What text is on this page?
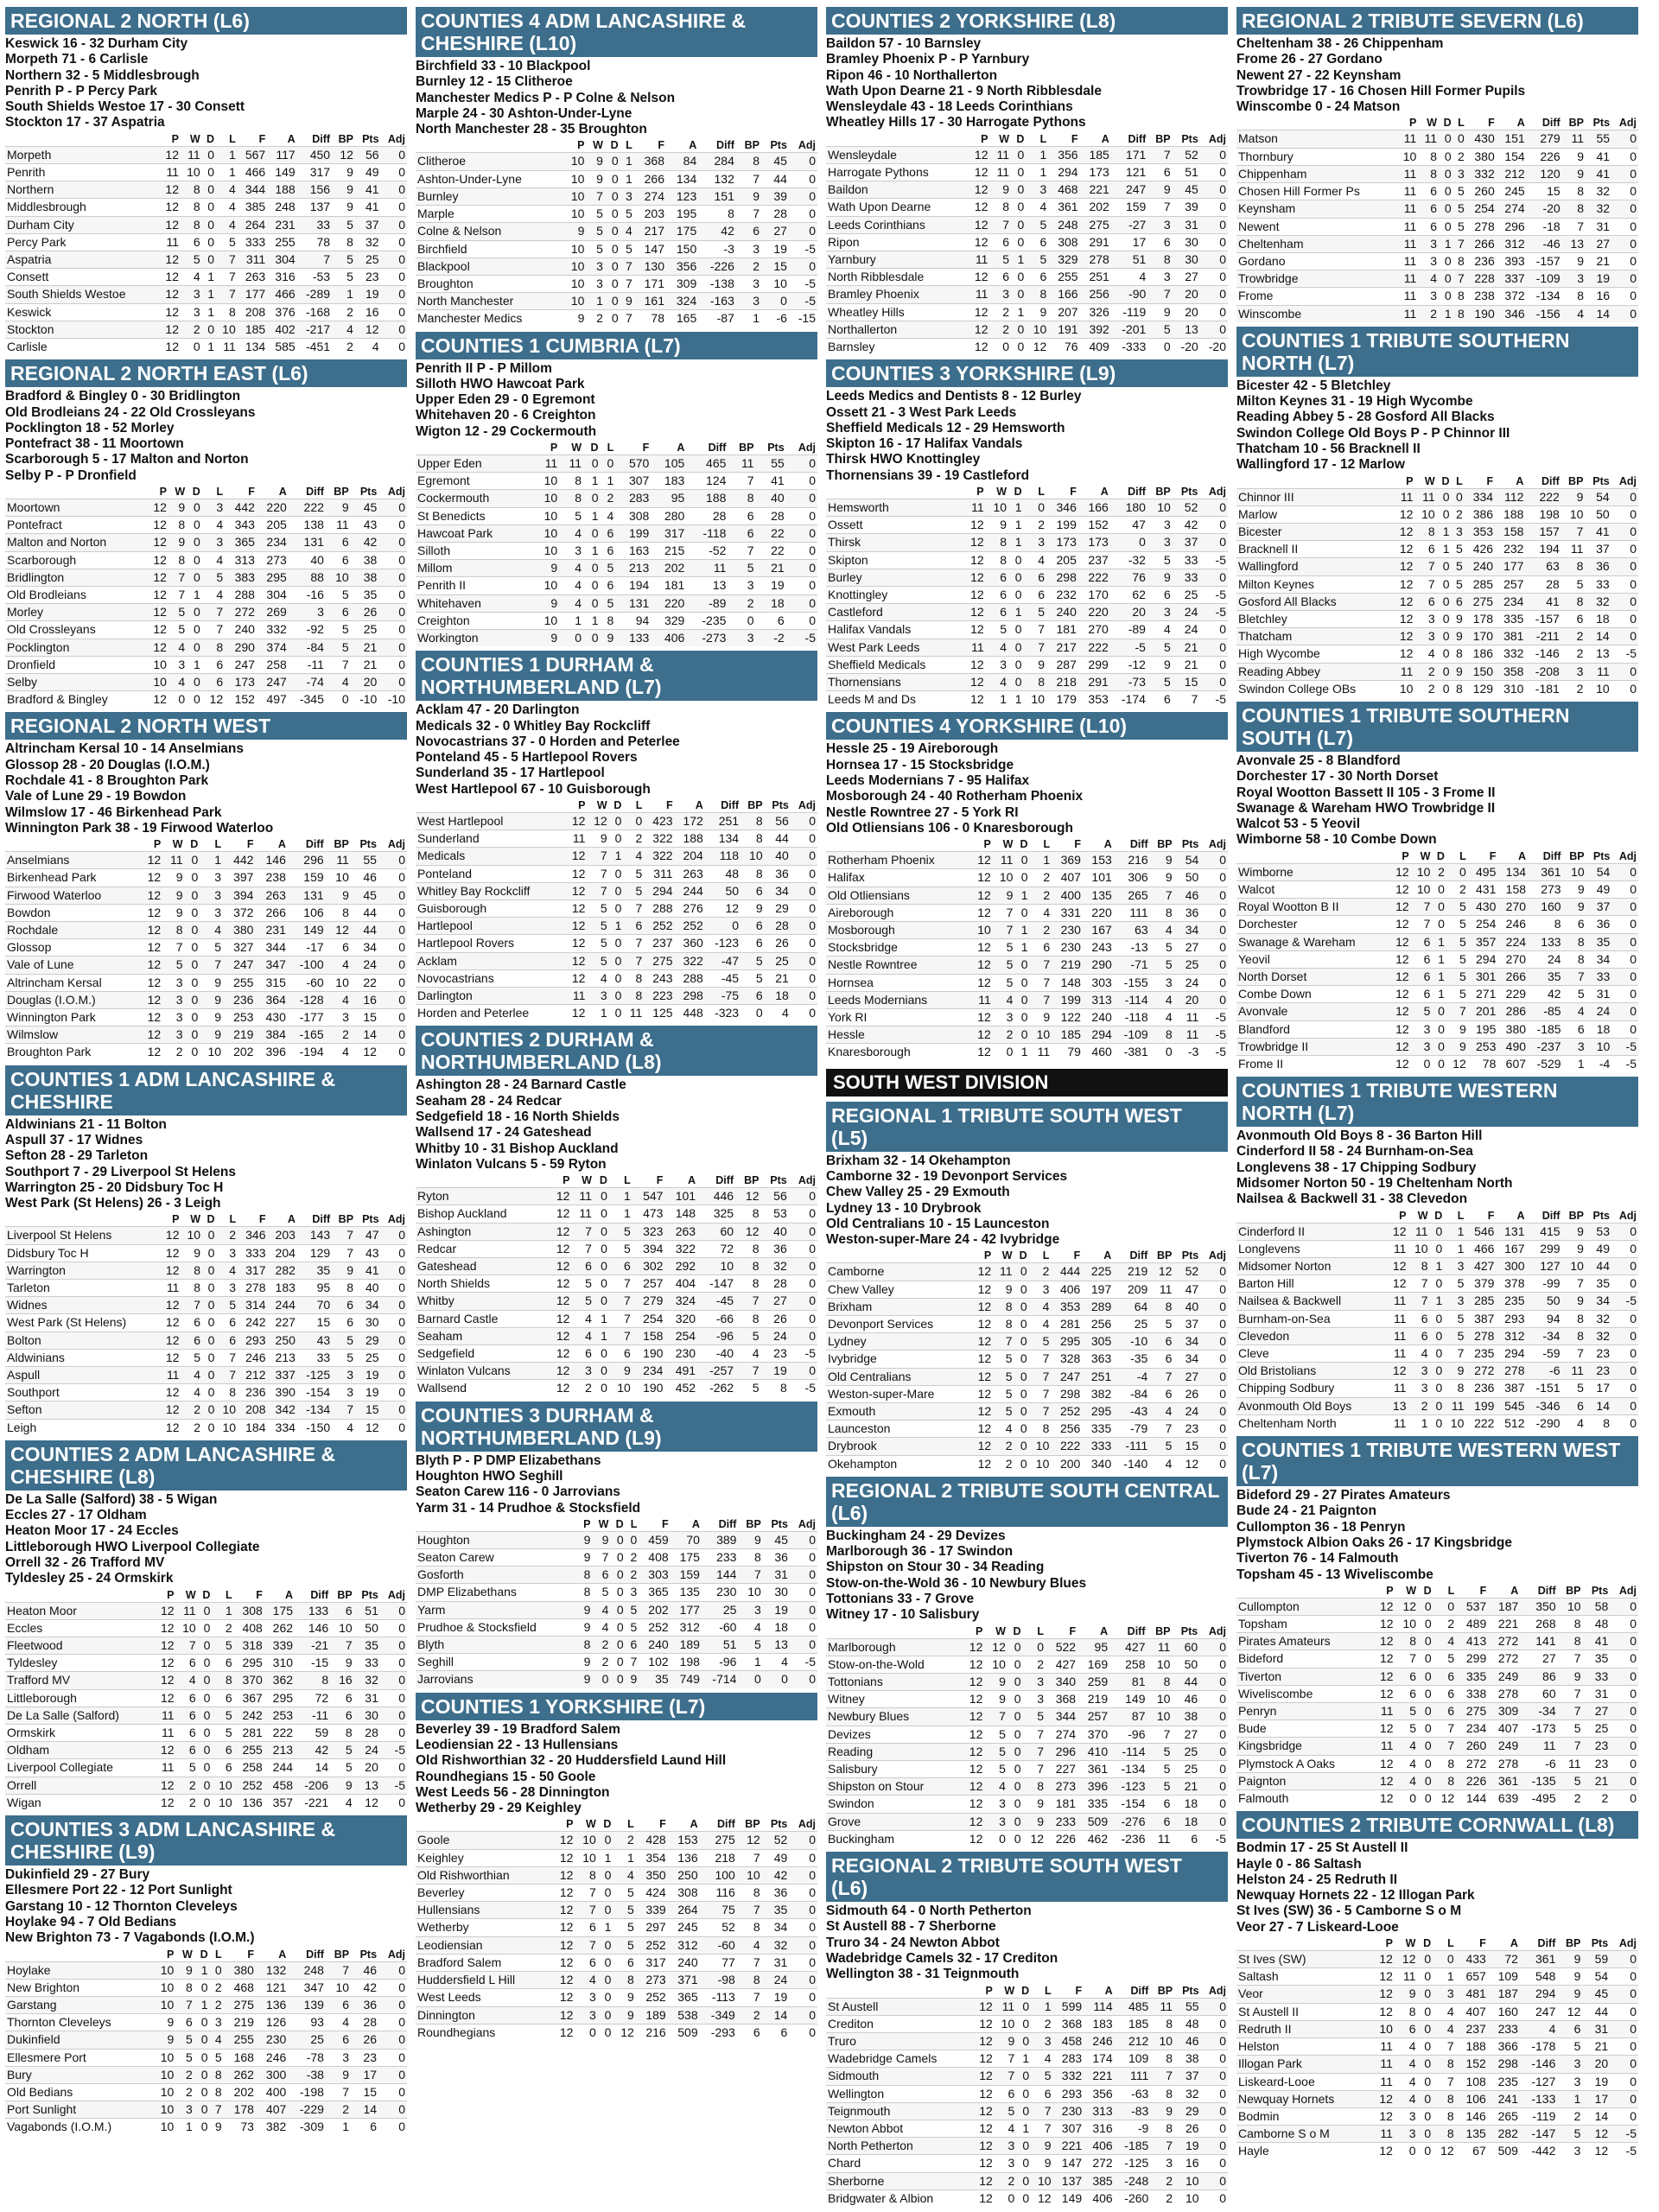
REGIONAL 2 NORTH (L6)
Keswick 16 - 32 Durham City
Morpeth 71 - 6 Carlisle
Northern 32 - 5 Middlesbrough
Penrith P - P Percy Park
South Shields Westoe 17 - 30 Consett
Stockton 17 - 37 Aspatria
	P	W	D	L	F	A	Diff	BP	Pts	Adj
Morpeth	12	11	0	1	567	117	450	12	56	0
Penrith	11	10	0	1	466	149	317	9	49	0
Northern	12	8	0	4	344	188	156	9	41	0
Middlesbrough	12	8	0	4	385	248	137	9	41	0
Durham City	12	8	0	4	264	231	33	5	37	0
Percy Park	11	6	0	5	333	255	78	8	32	0
Aspatria	12	5	0	7	311	304	7	5	25	0
Consett	12	4	1	7	263	316	-53	5	23	0
South Shields Westoe	12	3	1	7	177	466	-289	1	19	0
Keswick	12	3	1	8	208	376	-168	2	16	0
Stockton	12	2	0	10	185	402	-217	4	12	0
Carlisle	12	0	1	11	134	585	-451	2	4	0
REGIONAL 2 NORTH EAST (L6)
Bradford & Bingley 0 - 30 Bridlington
Old Brodleians 24 - 22 Old Crossleyans
Pocklington 18 - 52 Morley
Pontefract 38 - 11 Moortown
Scarborough 5 - 17 Malton and Norton
Selby P - P Dronfield
	P	W	D	L	F	A	Diff	BP	Pts	Adj
Moortown	12	9	0	3	442	220	222	9	45	0
Pontefract	12	8	0	4	343	205	138	11	43	0
Malton and Norton	12	9	0	3	365	234	131	6	42	0
Scarborough	12	8	0	4	313	273	40	6	38	0
Bridlington	12	7	0	5	383	295	88	10	38	0
Old Brodleians	12	7	1	4	288	304	-16	5	35	0
Morley	12	5	0	7	272	269	3	6	26	0
Old Crossleyans	12	5	0	7	240	332	-92	5	25	0
Pocklington	12	4	0	8	290	374	-84	5	21	0
Dronfield	10	3	1	6	247	258	-11	7	21	0
Selby	10	4	0	6	173	247	-74	4	20	0
Bradford & Bingley	12	0	0	12	152	497	-345	0	-10	-10
REGIONAL 2 NORTH WEST
Altrincham Kersal 10 - 14 Anselmians
Glossop 28 - 20 Douglas (I.O.M.)
Rochdale 41 - 8 Broughton Park
Vale of Lune 29 - 19 Bowdon
Wilmslow 17 - 46 Birkenhead Park
Winnington Park 38 - 19 Firwood Waterloo
	P	W	D	L	F	A	Diff	BP	Pts	Adj
Anselmians	12	11	0	1	442	146	296	11	55	0
Birkenhead Park	12	9	0	3	397	238	159	10	46	0
Firwood Waterloo	12	9	0	3	394	263	131	9	45	0
Bowdon	12	9	0	3	372	266	106	8	44	0
Rochdale	12	8	0	4	380	231	149	12	44	0
Glossop	12	7	0	5	327	344	-17	6	34	0
Vale of Lune	12	5	0	7	247	347	-100	4	24	0
Altrincham Kersal	12	3	0	9	255	315	-60	10	22	0
Douglas (I.O.M.)	12	3	0	9	236	364	-128	4	16	0
Winnington Park	12	3	0	9	253	430	-177	3	15	0
Wilmslow	12	3	0	9	219	384	-165	2	14	0
Broughton Park	12	2	0	10	202	396	-194	4	12	0
COUNTIES 1 ADM LANCASHIRE & CHESHIRE
Aldwinians 21 - 11 Bolton
Aspull 37 - 17 Widnes
Sefton 28 - 29 Tarleton
Southport 7 - 29 Liverpool St Helens
Warrington 25 - 20 Didsbury Toc H
West Park (St Helens) 26 - 3 Leigh
	P	W	D	L	F	A	Diff	BP	Pts	Adj
Liverpool St Helens	12	10	0	2	346	203	143	7	47	0
Didsbury Toc H	12	9	0	3	333	204	129	7	43	0
Warrington	12	8	0	4	317	282	35	9	41	0
Tarleton	11	8	0	3	278	183	95	8	40	0
Widnes	12	7	0	5	314	244	70	6	34	0
West Park (St Helens)	12	6	0	6	242	227	15	6	30	0
Bolton	12	6	0	6	293	250	43	5	29	0
Aldwinians	12	5	0	7	246	213	33	5	25	0
Aspull	11	4	0	7	212	337	-125	3	19	0
Southport	12	4	0	8	236	390	-154	3	19	0
Sefton	12	2	0	10	208	342	-134	7	15	0
Leigh	12	2	0	10	184	334	-150	4	12	0
COUNTIES 2 ADM LANCASHIRE & CHESHIRE (L8)
De La Salle (Salford) 38 - 5 Wigan
Eccles 27 - 17 Oldham
Heaton Moor 17 - 24 Eccles
Littleborough HWO Liverpool Collegiate
Orrell 32 - 26 Trafford MV
Tyldesley 25 - 24 Ormskirk
	P	W	D	L	F	A	Diff	BP	Pts	Adj
Heaton Moor	12	11	0	1	308	175	133	6	51	0
Eccles	12	10	0	2	408	262	146	10	50	0
Fleetwood	12	7	0	5	318	339	-21	7	35	0
Tyldesley	12	6	0	6	295	310	-15	9	33	0
Trafford MV	12	4	0	8	370	362	8	16	32	0
Littleborough	12	6	0	6	367	295	72	6	31	0
De La Salle (Salford)	11	6	0	5	242	253	-11	6	30	0
Ormskirk	11	6	0	5	281	222	59	8	28	0
Oldham	12	6	0	6	255	213	42	5	24	-5
Liverpool Collegiate	11	5	0	6	258	244	14	5	20	0
Orrell	12	2	0	10	252	458	-206	9	13	-5
Wigan	12	2	0	10	136	357	-221	4	12	0
COUNTIES 3 ADM LANCASHIRE & CHESHIRE (L9)
Dukinfield 29 - 27 Bury
Ellesmere Port 22 - 12 Port Sunlight
Garstang 10 - 12 Thornton Cleveleys
Hoylake 94 - 7 Old Bedians
New Brighton 73 - 7 Vagabonds (I.O.M.)
	P	W	D	L	F	A	Diff	BP	Pts	Adj
Hoylake	10	9	1	0	380	132	248	7	46	0
New Brighton	10	8	0	2	468	121	347	10	42	0
Garstang	10	7	1	2	275	136	139	6	36	0
Thornton Cleveleys	9	6	0	3	219	126	93	4	28	0
Dukinfield	9	5	0	4	255	230	25	6	26	0
Ellesmere Port	10	5	0	5	168	246	-78	3	23	0
Bury	10	2	0	8	262	300	-38	9	17	0
Old Bedians	10	2	0	8	202	400	-198	7	15	0
Port Sunlight	10	3	0	7	178	407	-229	2	14	0
Vagabonds (I.O.M.)	10	1	0	9	73	382	-309	1	6	0
COUNTIES 4 ADM LANCASHIRE & CHESHIRE (L10)
Birchfield 33 - 10 Blackpool
Burnley 12 - 15 Clitheroe
Manchester Medics P - P Colne & Nelson
Marple 24 - 30 Ashton-Under-Lyne
North Manchester 28 - 35 Broughton
	P	W	D	L	F	A	Diff	BP	Pts	Adj
Clitheroe	10	9	0	1	368	84	284	8	45	0
Ashton-Under-Lyne	10	9	0	1	266	134	132	7	44	0
Burnley	10	7	0	3	274	123	151	9	39	0
Marple	10	5	0	5	203	195	8	7	28	0
Colne & Nelson	9	5	0	4	217	175	42	6	27	0
Birchfield	10	5	0	5	147	150	-3	3	19	-5
Blackpool	10	3	0	7	130	356	-226	2	15	0
Broughton	10	3	0	7	171	309	-138	3	10	-5
North Manchester	10	1	0	9	161	324	-163	3	0	-5
Manchester Medics	9	2	0	7	78	165	-87	1	-6	-15
COUNTIES 1 CUMBRIA (L7)
Penrith II P - P Millom
Silloth HWO Hawcoat Park
Upper Eden 29 - 0 Egremont
Whitehaven 20 - 6 Creighton
Wigton 12 - 29 Cockermouth
	P	W	D	L	F	A	Diff	BP	Pts	Adj
Upper Eden	11	11	0	0	570	105	465	11	55	0
Egremont	10	8	1	1	307	183	124	7	41	0
Cockermouth	10	8	0	2	283	95	188	8	40	0
St Benedicts	10	5	1	4	308	280	28	6	28	0
Hawcoat Park	10	4	0	6	199	317	-118	6	22	0
Silloth	10	3	1	6	163	215	-52	7	22	0
Millom	9	4	0	5	213	202	11	5	21	0
Penrith II	10	4	0	6	194	181	13	3	19	0
Whitehaven	9	4	0	5	131	220	-89	2	18	0
Creighton	10	1	1	8	94	329	-235	0	6	0
Workington	9	0	0	9	133	406	-273	3	-2	-5
COUNTIES 1 DURHAM & NORTHUMBERLAND (L7)
Acklam 47 - 20 Darlington
Medicals 32 - 0 Whitley Bay Rockcliff
Novocastrians 37 - 0 Horden and Peterlee
Ponteland 45 - 5 Hartlepool Rovers
Sunderland 35 - 17 Hartlepool
West Hartlepool 67 - 10 Guisborough
	P	W	D	L	F	A	Diff	BP	Pts	Adj
West Hartlepool	12	12	0	0	423	172	251	8	56	0
Sunderland	11	9	0	2	322	188	134	8	44	0
Medicals	12	7	1	4	322	204	118	10	40	0
Ponteland	12	7	0	5	311	263	48	8	36	0
Whitley Bay Rockcliff	12	7	0	5	294	244	50	6	34	0
Guisborough	12	5	0	7	288	276	12	9	29	0
Hartlepool	12	5	1	6	252	252	0	6	28	0
Hartlepool Rovers	12	5	0	7	237	360	-123	6	26	0
Acklam	12	5	0	7	275	322	-47	5	25	0
Novocastrians	12	4	0	8	243	288	-45	5	21	0
Darlington	11	3	0	8	223	298	-75	6	18	0
Horden and Peterlee	12	1	0	11	125	448	-323	0	4	0
COUNTIES 2 DURHAM & NORTHUMBERLAND (L8)
Ashington 28 - 24 Barnard Castle
Seaham 28 - 24 Redcar
Sedgefield 18 - 16 North Shields
Wallsend 17 - 24 Gateshead
Whitby 10 - 31 Bishop Auckland
Winlaton Vulcans 5 - 59 Ryton
	P	W	D	L	F	A	Diff	BP	Pts	Adj
Ryton	12	11	0	1	547	101	446	12	56	0
Bishop Auckland	12	11	0	1	473	148	325	8	53	0
Ashington	12	7	0	5	323	263	60	12	40	0
Redcar	12	7	0	5	394	322	72	8	36	0
Gateshead	12	6	0	6	302	292	10	8	32	0
North Shields	12	5	0	7	257	404	-147	8	28	0
Whitby	12	5	0	7	279	324	-45	7	27	0
Barnard Castle	12	4	1	7	254	320	-66	8	26	0
Seaham	12	4	1	7	158	254	-96	5	24	0
Sedgefield	12	6	0	6	190	230	-40	4	23	-5
Winlaton Vulcans	12	3	0	9	234	491	-257	7	19	0
Wallsend	12	2	0	10	190	452	-262	5	8	-5
COUNTIES 3 DURHAM & NORTHUMBERLAND (L9)
Blyth P - P DMP Elizabethans
Houghton HWO Seghill
Seaton Carew 116 - 0 Jarrovians
Yarm 31 - 14 Prudhoe & Stocksfield
	P	W	D	L	F	A	Diff	BP	Pts	Adj
Houghton	9	9	0	0	459	70	389	9	45	0
Seaton Carew	9	7	0	2	408	175	233	8	36	0
Gosforth	8	6	0	2	303	159	144	7	31	0
DMP Elizabethans	8	5	0	3	365	135	230	10	30	0
Yarm	9	4	0	5	202	177	25	3	19	0
Prudhoe & Stocksfield	9	4	0	5	252	312	-60	4	18	0
Blyth	8	2	0	6	240	189	51	5	13	0
Seghill	9	2	0	7	102	198	-96	1	4	-5
Jarrovians	9	0	0	9	35	749	-714	0	0	0
COUNTIES 1 YORKSHIRE (L7)
Beverley 39 - 19 Bradford Salem
Leodiensian 22 - 13 Hullensians
Old Rishworthian 32 - 20 Huddersfield Laund Hill
Roundhegians 15 - 50 Goole
West Leeds 56 - 28 Dinnington
Wetherby 29 - 29 Keighley
	P	W	D	L	F	A	Diff	BP	Pts	Adj
Goole	12	10	0	2	428	153	275	12	52	0
Keighley	12	10	1	1	354	136	218	7	49	0
Old Rishworthian	12	8	0	4	350	250	100	10	42	0
Beverley	12	7	0	5	424	308	116	8	36	0
Hullensians	12	7	0	5	339	264	75	7	35	0
Wetherby	12	6	1	5	297	245	52	8	34	0
Leodiensian	12	7	0	5	252	312	-60	4	32	0
Bradford Salem	12	6	0	6	317	240	77	7	31	0
Huddersfield L Hill	12	4	0	8	273	371	-98	8	24	0
West Leeds	12	3	0	9	252	365	-113	7	19	0
Dinnington	12	3	0	9	189	538	-349	2	14	0
Roundhegians	12	0	0	12	216	509	-293	6	6	0
COUNTIES 2 YORKSHIRE (L8)
Baildon 57 - 10 Barnsley
Bramley Phoenix P - P Yarnbury
Ripon 46 - 10 Northallerton
Wath Upon Dearne 21 - 9 North Ribblesdale
Wensleydale 43 - 18 Leeds Corinthians
Wheatley Hills 17 - 30 Harrogate Pythons
	P	W	D	L	F	A	Diff	BP	Pts	Adj
Wensleydale	12	11	0	1	356	185	171	7	52	0
Harrogate Pythons	12	11	0	1	294	173	121	6	51	0
Baildon	12	9	0	3	468	221	247	9	45	0
Wath Upon Dearne	12	8	0	4	361	202	159	7	39	0
Leeds Corinthians	12	7	0	5	248	275	-27	3	31	0
Ripon	12	6	0	6	308	291	17	6	30	0
Yarnbury	11	5	1	5	329	278	51	8	30	0
North Ribblesdale	12	6	0	6	255	251	4	3	27	0
Bramley Phoenix	11	3	0	8	166	256	-90	7	20	0
Wheatley Hills	12	2	1	9	207	326	-119	9	20	0
Northallerton	12	2	0	10	191	392	-201	5	13	0
Barnsley	12	0	0	12	76	409	-333	0	-20	-20
COUNTIES 3 YORKSHIRE (L9)
Leeds Medics and Dentists 8 - 12 Burley
Ossett 21 - 3 West Park Leeds
Sheffield Medicals 12 - 29 Hemsworth
Skipton 16 - 17 Halifax Vandals
Thirsk HWO Knottingley
Thornensians 39 - 19 Castleford
	P	W	D	L	F	A	Diff	BP	Pts	Adj
Hemsworth	11	10	1	0	346	166	180	10	52	0
Ossett	12	9	1	2	199	152	47	3	42	0
Thirsk	12	8	1	3	173	173	0	3	37	0
Skipton	12	8	0	4	205	237	-32	5	33	-5
Burley	12	6	0	6	298	222	76	9	33	0
Knottingley	12	6	0	6	232	170	62	6	25	-5
Castleford	12	6	1	5	240	220	20	3	24	-5
Halifax Vandals	12	5	0	7	181	270	-89	4	24	0
West Park Leeds	11	4	0	7	217	222	-5	5	21	0
Sheffield Medicals	12	3	0	9	287	299	-12	9	21	0
Thornensians	12	4	0	8	218	291	-73	5	15	0
Leeds M and Ds	12	1	1	10	179	353	-174	6	7	-5
COUNTIES 4 YORKSHIRE (L10)
Hessle 25 - 19 Aireborough
Hornsea 17 - 15 Stocksbridge
Leeds Modernians 7 - 95 Halifax
Mosborough 24 - 40 Rotherham Phoenix
Nestle Rowntree 27 - 5 York RI
Old Otliensians 106 - 0 Knaresborough
	P	W	D	L	F	A	Diff	BP	Pts	Adj
Rotherham Phoenix	12	11	0	1	369	153	216	9	54	0
Halifax	12	10	0	2	407	101	306	9	50	0
Old Otliensians	12	9	1	2	400	135	265	7	46	0
Aireborough	12	7	0	4	331	220	111	8	36	0
Mosborough	10	7	1	2	230	167	63	4	34	0
Stocksbridge	12	5	1	6	230	243	-13	5	27	0
Nestle Rowntree	12	5	0	7	219	290	-71	5	25	0
Hornsea	12	5	0	7	148	303	-155	3	24	0
Leeds Modernians	11	4	0	7	199	313	-114	4	20	0
York RI	12	3	0	9	122	240	-118	4	11	-5
Hessle	12	2	0	10	185	294	-109	8	11	-5
Knaresborough	12	0	1	11	79	460	-381	0	-3	-5
SOUTH WEST DIVISION
REGIONAL 1 TRIBUTE SOUTH WEST (L5)
Brixham 32 - 14 Okehampton
Camborne 32 - 19 Devonport Services
Chew Valley 25 - 29 Exmouth
Lydney 13 - 10 Drybrook
Old Centralians 10 - 15 Launceston
Weston-super-Mare 24 - 42 Ivybridge
	P	W	D	L	F	A	Diff	BP	Pts	Adj
Camborne	12	11	0	2	444	225	219	12	52	0
Chew Valley	12	9	0	3	406	197	209	11	47	0
Brixham	12	8	0	4	353	289	64	8	40	0
Devonport Services	12	8	0	4	281	256	25	5	37	0
Lydney	12	7	0	5	295	305	-10	6	34	0
Ivybridge	12	5	0	7	328	363	-35	6	34	0
Old Centralians	12	5	0	7	247	251	-4	7	27	0
Weston-super-Mare	12	5	0	7	298	382	-84	6	26	0
Exmouth	12	5	0	7	252	295	-43	4	24	0
Launceston	12	4	0	8	256	335	-79	7	23	0
Drybrook	12	2	0	10	222	333	-111	5	15	0
Okehampton	12	2	0	10	200	340	-140	4	12	0
REGIONAL 2 TRIBUTE SOUTH CENTRAL (L6)
Buckingham 24 - 29 Devizes
Marlborough 36 - 17 Swindon
Shipston on Stour 30 - 34 Reading
Stow-on-the-Wold 36 - 10 Newbury Blues
Tottonians 33 - 7 Grove
Witney 17 - 10 Salisbury
	P	W	D	L	F	A	Diff	BP	Pts	Adj
Marlborough	12	12	0	0	522	95	427	11	60	0
Stow-on-the-Wold	12	10	0	2	427	169	258	10	50	0
Tottonians	12	9	0	3	340	259	81	8	44	0
Witney	12	9	0	3	368	219	149	10	46	0
Newbury Blues	12	7	0	5	344	257	87	10	38	0
Devizes	12	5	0	7	274	370	-96	7	27	0
Reading	12	5	0	7	296	410	-114	5	25	0
Salisbury	12	5	0	7	227	361	-134	5	25	0
Shipston on Stour	12	4	0	8	273	396	-123	5	21	0
Swindon	12	3	0	9	181	335	-154	6	18	0
Grove	12	3	0	9	233	509	-276	6	18	0
Buckingham	12	0	0	12	226	462	-236	11	6	-5
REGIONAL 2 TRIBUTE SOUTH WEST (L6)
Sidmouth 64 - 0 North Petherton
St Austell 88 - 7 Sherborne
Truro 34 - 24 Newton Abbot
Wadebridge Camels 32 - 17 Crediton
Wellington 38 - 31 Teignmouth
	P	W	D	L	F	A	Diff	BP	Pts	Adj
St Austell	12	11	0	1	599	114	485	11	55	0
Crediton	12	10	0	2	368	183	185	8	48	0
Truro	12	9	0	3	458	246	212	10	46	0
Wadebridge Camels	12	7	1	4	283	174	109	8	38	0
Sidmouth	12	7	0	5	332	221	111	7	37	0
Wellington	12	6	0	6	293	356	-63	8	32	0
Teignmouth	12	5	0	7	230	313	-83	9	29	0
Newton Abbot	12	4	1	7	307	316	-9	8	26	0
North Petherton	12	3	0	9	221	406	-185	7	19	0
Chard	12	3	0	9	147	272	-125	3	16	0
Sherborne	12	2	0	10	137	385	-248	2	10	0
Bridgwater & Albion	12	0	0	12	149	406	-260	2	10	0
REGIONAL 2 TRIBUTE SEVERN (L6)
Cheltenham 38 - 26 Chippenham
Frome 26 - 27 Gordano
Newent 27 - 22 Keynsham
Trowbridge 17 - 16 Chosen Hill Former Pupils
Winscombe 0 - 24 Matson
	P	W	D	L	F	A	Diff	BP	Pts	Adj
Matson	11	11	0	0	430	151	279	11	55	0
Thornbury	10	8	0	2	380	154	226	9	41	0
Chippenham	11	8	0	3	332	212	120	9	41	0
Chosen Hill Former Ps	11	6	0	5	260	245	15	8	32	0
Keynsham	11	6	0	5	254	274	-20	8	32	0
Newent	11	6	0	5	278	296	-18	7	31	0
Cheltenham	11	3	1	7	266	312	-46	13	27	0
Gordano	11	3	0	8	236	393	-157	9	21	0
Trowbridge	11	4	0	7	228	337	-109	3	19	0
Frome	11	3	0	8	238	372	-134	8	16	0
Winscombe	11	2	1	8	190	346	-156	4	14	0
COUNTIES 1 TRIBUTE SOUTHERN NORTH (L7)
Bicester 42 - 5 Bletchley
Milton Keynes 31 - 19 High Wycombe
Reading Abbey 5 - 28 Gosford All Blacks
Swindon College Old Boys P - P Chinnor III
Thatcham 10 - 56 Bracknell II
Wallingford 17 - 12 Marlow
	P	W	D	L	F	A	Diff	BP	Pts	Adj
Chinnor III	11	11	0	0	334	112	222	9	54	0
Marlow	12	10	0	2	386	188	198	10	50	0
Bicester	12	8	1	3	353	158	157	7	41	0
Bracknell II	12	6	1	5	426	232	194	11	37	0
Wallingford	12	7	0	5	240	177	63	8	36	0
Milton Keynes	12	7	0	5	285	257	28	5	33	0
Gosford All Blacks	12	6	0	6	275	234	41	8	32	0
Bletchley	12	3	0	9	178	335	-157	6	18	0
Thatcham	12	3	0	9	170	381	-211	2	14	0
High Wycombe	12	4	0	8	186	332	-146	2	13	-5
Reading Abbey	11	2	0	9	150	358	-208	3	11	0
Swindon College OBs	10	2	0	8	129	310	-181	2	10	0
COUNTIES 1 TRIBUTE SOUTHERN SOUTH (L7)
Avonvale 25 - 8 Blandford
Dorchester 17 - 30 North Dorset
Royal Wootton Bassett II 105 - 3 Frome II
Swanage & Wareham HWO Trowbridge II
Walcot 53 - 5 Yeovil
Wimborne 58 - 10 Combe Down
	P	W	D	L	F	A	Diff	BP	Pts	Adj
Wimborne	12	10	2	0	495	134	361	10	54	0
Walcot	12	10	0	2	431	158	273	9	49	0
Royal Wootton B II	12	7	0	5	430	270	160	9	37	0
Dorchester	12	7	0	5	254	246	8	6	36	0
Swanage & Wareham	12	6	1	5	357	224	133	8	35	0
Yeovil	12	6	1	5	294	270	24	8	34	0
North Dorset	12	6	1	5	301	266	35	7	33	0
Combe Down	12	6	1	5	271	229	42	5	31	0
Avonvale	12	5	0	7	201	286	-85	4	24	0
Blandford	12	3	0	9	195	380	-185	6	18	0
Trowbridge II	12	3	0	9	253	490	-237	3	10	-5
Frome II	12	0	0	12	78	607	-529	1	-4	-5
COUNTIES 1 TRIBUTE WESTERN NORTH (L7)
Avonmouth Old Boys 8 - 36 Barton Hill
Cinderford II 58 - 24 Burnham-on-Sea
Longlevens 38 - 17 Chipping Sodbury
Midsomer Norton 50 - 19 Cheltenham North
Nailsea & Backwell 31 - 38 Clevedon
	P	W	D	L	F	A	Diff	BP	Pts	Adj
Cinderford II	12	11	0	1	546	131	415	9	53	0
Longlevens	11	10	0	1	466	167	299	9	49	0
Midsomer Norton	12	8	1	3	427	300	127	10	44	0
Barton Hill	12	7	0	5	379	378	-99	7	35	0
Nailsea & Backwell	11	7	1	3	285	235	50	9	34	-5
Burnham-on-Sea	11	6	0	5	387	293	94	8	32	0
Clevedon	11	6	0	5	278	312	-34	8	32	0
Cleve	11	4	0	7	235	294	-59	7	23	0
Old Bristolians	12	3	0	9	272	278	-6	11	23	0
Chipping Sodbury	11	3	0	8	236	387	-151	5	17	0
Avonmouth Old Boys	13	2	0	11	199	545	-346	6	14	0
Cheltenham North	11	1	0	10	222	512	-290	4	8	0
COUNTIES 1 TRIBUTE WESTERN WEST (L7)
Bideford 29 - 27 Pirates Amateurs
Bude 24 - 21 Paignton
Cullompton 36 - 18 Penryn
Plymstock Albion Oaks 26 - 17 Kingsbridge
Tiverton 76 - 14 Falmouth
Topsham 45 - 13 Wiveliscombe
	P	W	D	L	F	A	Diff	BP	Pts	Adj
Cullompton	12	12	0	0	537	187	350	10	58	0
Topsham	12	10	0	2	489	221	268	8	48	0
Pirates Amateurs	12	8	0	4	413	272	141	8	41	0
Bideford	12	7	0	5	299	272	27	7	35	0
Tiverton	12	6	0	6	335	249	86	9	33	0
Wiveliscombe	12	6	0	6	338	278	60	7	31	0
Penryn	11	5	0	6	275	309	-34	7	27	0
Bude	12	5	0	7	234	407	-173	5	25	0
Kingsbridge	11	4	0	7	260	249	11	7	23	0
Plymstock A Oaks	12	4	0	8	272	278	-6	11	23	0
Paignton	12	4	0	8	226	361	-135	5	21	0
Falmouth	12	0	0	12	144	639	-495	2	2	0
COUNTIES 2 TRIBUTE CORNWALL (L8)
Bodmin 17 - 25 St Austell II
Hayle 0 - 86 Saltash
Helston 24 - 25 Redruth II
Newquay Hornets 22 - 12 Illogan Park
St Ives (SW) 36 - 5 Camborne S o M
Veor 27 - 7 Liskeard-Looe
	P	W	D	L	F	A	Diff	BP	Pts	Adj
St Ives (SW)	12	12	0	0	433	72	361	9	59	0
Saltash	12	11	0	1	657	109	548	9	54	0
Veor	12	9	0	3	481	187	294	9	45	0
St Austell II	12	8	0	4	407	160	247	12	44	0
Redruth II	10	6	0	4	237	233	4	6	31	0
Helston	11	4	0	7	188	366	-178	5	21	0
Illogan Park	11	4	0	8	152	298	-146	3	20	0
Liskeard-Looe	11	4	0	7	108	235	-127	3	19	0
Newquay Hornets	12	4	0	8	106	241	-133	1	17	0
Bodmin	12	3	0	8	146	265	-119	2	14	0
Camborne S o M	11	3	0	8	135	282	-147	5	12	-5
Hayle	12	0	0	12	67	509	-442	3	12	-5
